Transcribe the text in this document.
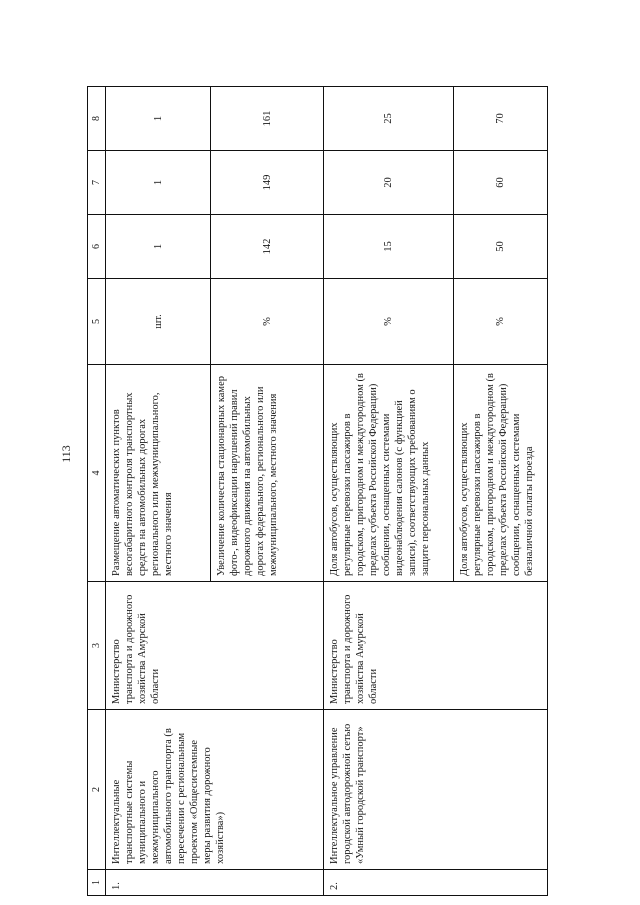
113
1	2	3	4	5	6	7	8
1.	Интеллектуальные транспортные системы муниципального и межмуниципального автомобильного транспорта (в пересечении с региональным проектом «Общесистемные меры развития дорожного хозяйства»)	Министерство транспорта и дорожного хозяйства Амурской области	Размещение автоматических пунктов весогабаритного контроля транспортных средств на автомобильных дорогах регионального или межмуниципального, местного значения	шт.	1	1	1
			Увеличение количества стационарных камер фото-, видеофиксации нарушений правил дорожного движения на автомобильных дорогах федерального, регионального или межмуниципального, местного значения	%	142	149	161
2.	Интеллектуальное управление городской автодорожной сетью «Умный городской транспорт»	Министерство транспорта и дорожного хозяйства Амурской области	Доля автобусов, осуществляющих регулярные перевозки пассажиров в городском, пригородном и междугородном (в пределах субъекта Российской Федерации) сообщении, оснащенных системами видеонаблюдения салонов (с функцией записи), соответствующих требованиям о защите персональных данных	%	15	20	25
			Доля автобусов, осуществляющих регулярные перевозки пассажиров в городском, пригородном и междугородном (в пределах субъекта Российской Федерации) сообщении, оснащенных системами безналичной оплаты проезда	%	50	60	70
